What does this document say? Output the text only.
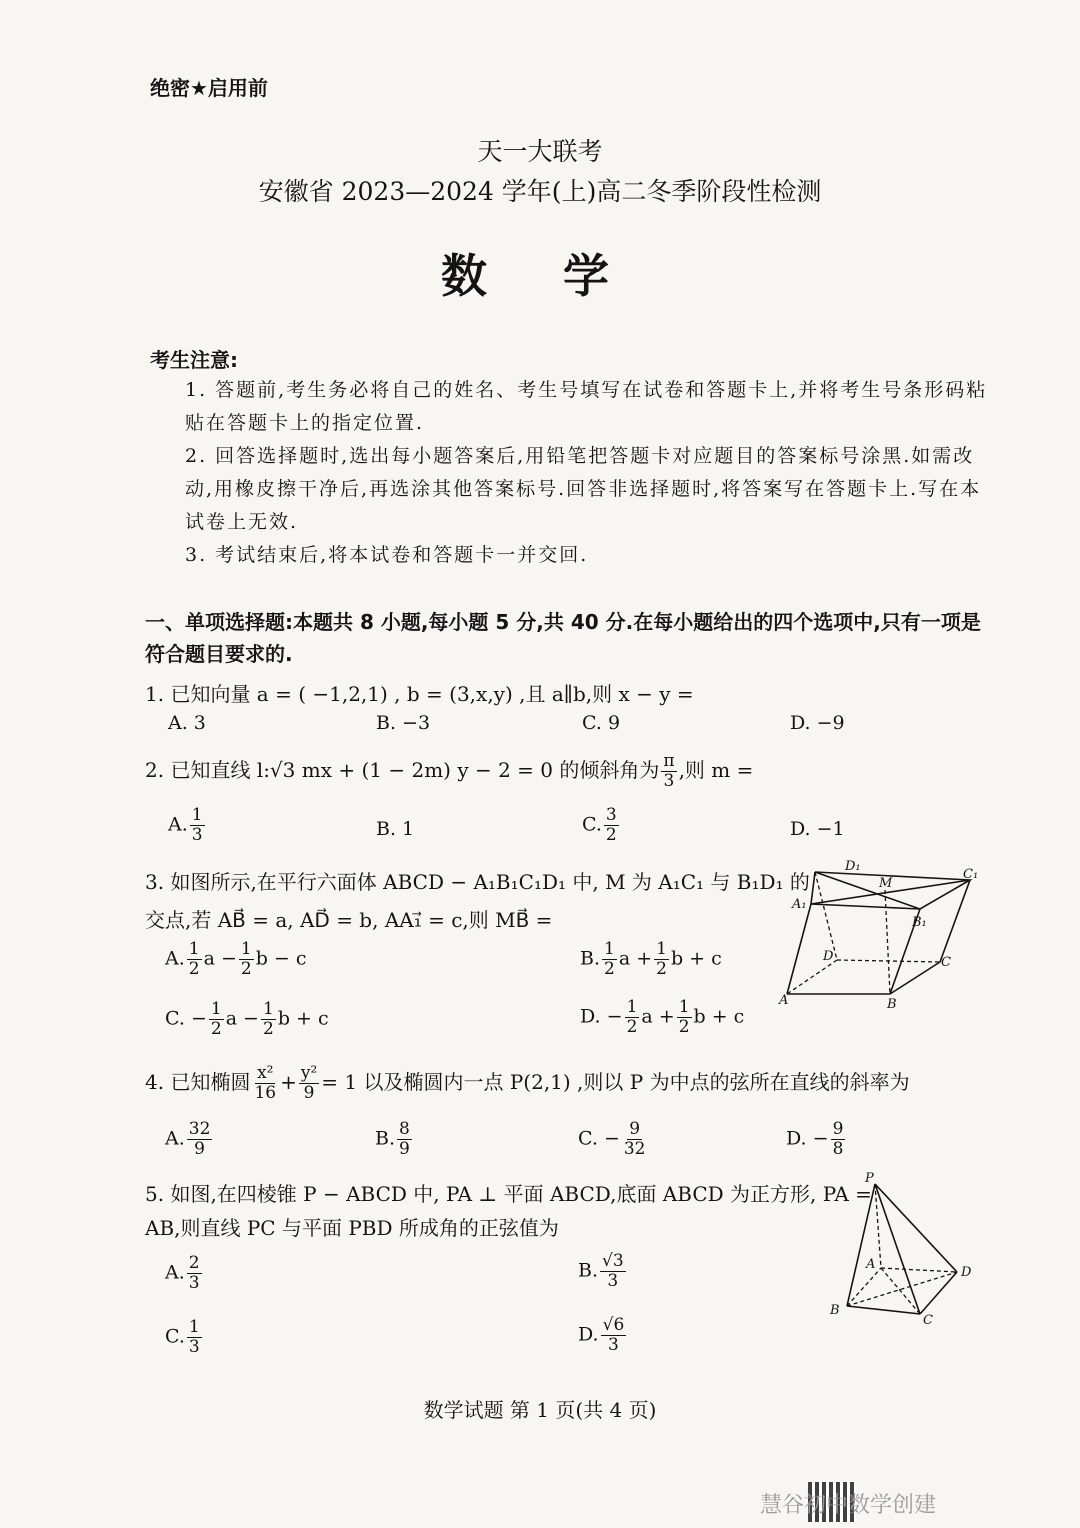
绝密★启用前
天一大联考
安徽省 2023—2024 学年(上)高二冬季阶段性检测
数 学
考生注意:
1. 答题前,考生务必将自己的姓名、考生号填写在试卷和答题卡上,并将考生号条形码粘贴在答题卡上的指定位置.
2. 回答选择题时,选出每小题答案后,用铅笔把答题卡对应题目的答案标号涂黑.如需改动,用橡皮擦干净后,再选涂其他答案标号.回答非选择题时,将答案写在答题卡上.写在本试卷上无效.
3. 考试结束后,将本试卷和答题卡一并交回.
一、单项选择题:本题共 8 小题,每小题 5 分,共 40 分.在每小题给出的四个选项中,只有一项是符合题目要求的.
1. 已知向量 a = ( −1,2,1) , b = (3,x,y) ,且 a∥b,则 x − y =
A. 3	B. −3	C. 9	D. −9
2. 已知直线 l:√3 mx + (1 − 2m) y − 2 = 0 的倾斜角为 $\frac{\pi}{3}$ ,则 m =
A. $\frac{1}{3}$	B. 1	C. $\frac{3}{2}$	D. −1
3. 如图所示,在平行六面体 ABCD − A₁B₁C₁D₁ 中, M 为 A₁C₁ 与 B₁D₁ 的
交点,若 AB⃗ = a, AD⃗ = b, AA₁⃗ = c,则 MB⃗ =
A. $\frac{1}{2}$ $a - \frac{1}{2}$ b − c	B. $\frac{1}{2}$ $a + \frac{1}{2}$ b + c
C. − $\frac{1}{2}$ $a - \frac{1}{2}$ b + c	D. − $\frac{1}{2}$ $a + \frac{1}{2}$ b + c
D₁
M
C₁
A₁
B₁
D	C
A	B
4. 已知椭圆 $\frac{\text{x²}}{16} + \frac{\text{y²}}{9} = 1$ 以及椭圆内一点 P(2,1) ,则以 P 为中点的弦所在直线的斜率为
A. $\frac{32}{9}$	B. $\frac{8}{9}$	C. − $\frac{9}{32}$	D. − $\frac{9}{8}$
5. 如图,在四棱锥 P − ABCD 中, PA ⊥ 平面 ABCD,底面 ABCD 为正方形, PA =
AB,则直线 PC 与平面 PBD 所成角的正弦值为
A. $\frac{2}{3}$	B. $\frac{√3}{3}$
C. $\frac{1}{3}$	D. $\frac{√6}{3}$
P
A
D
B
C
数学试题 第 1 页(共 4 页)
慧谷初中数学创建
